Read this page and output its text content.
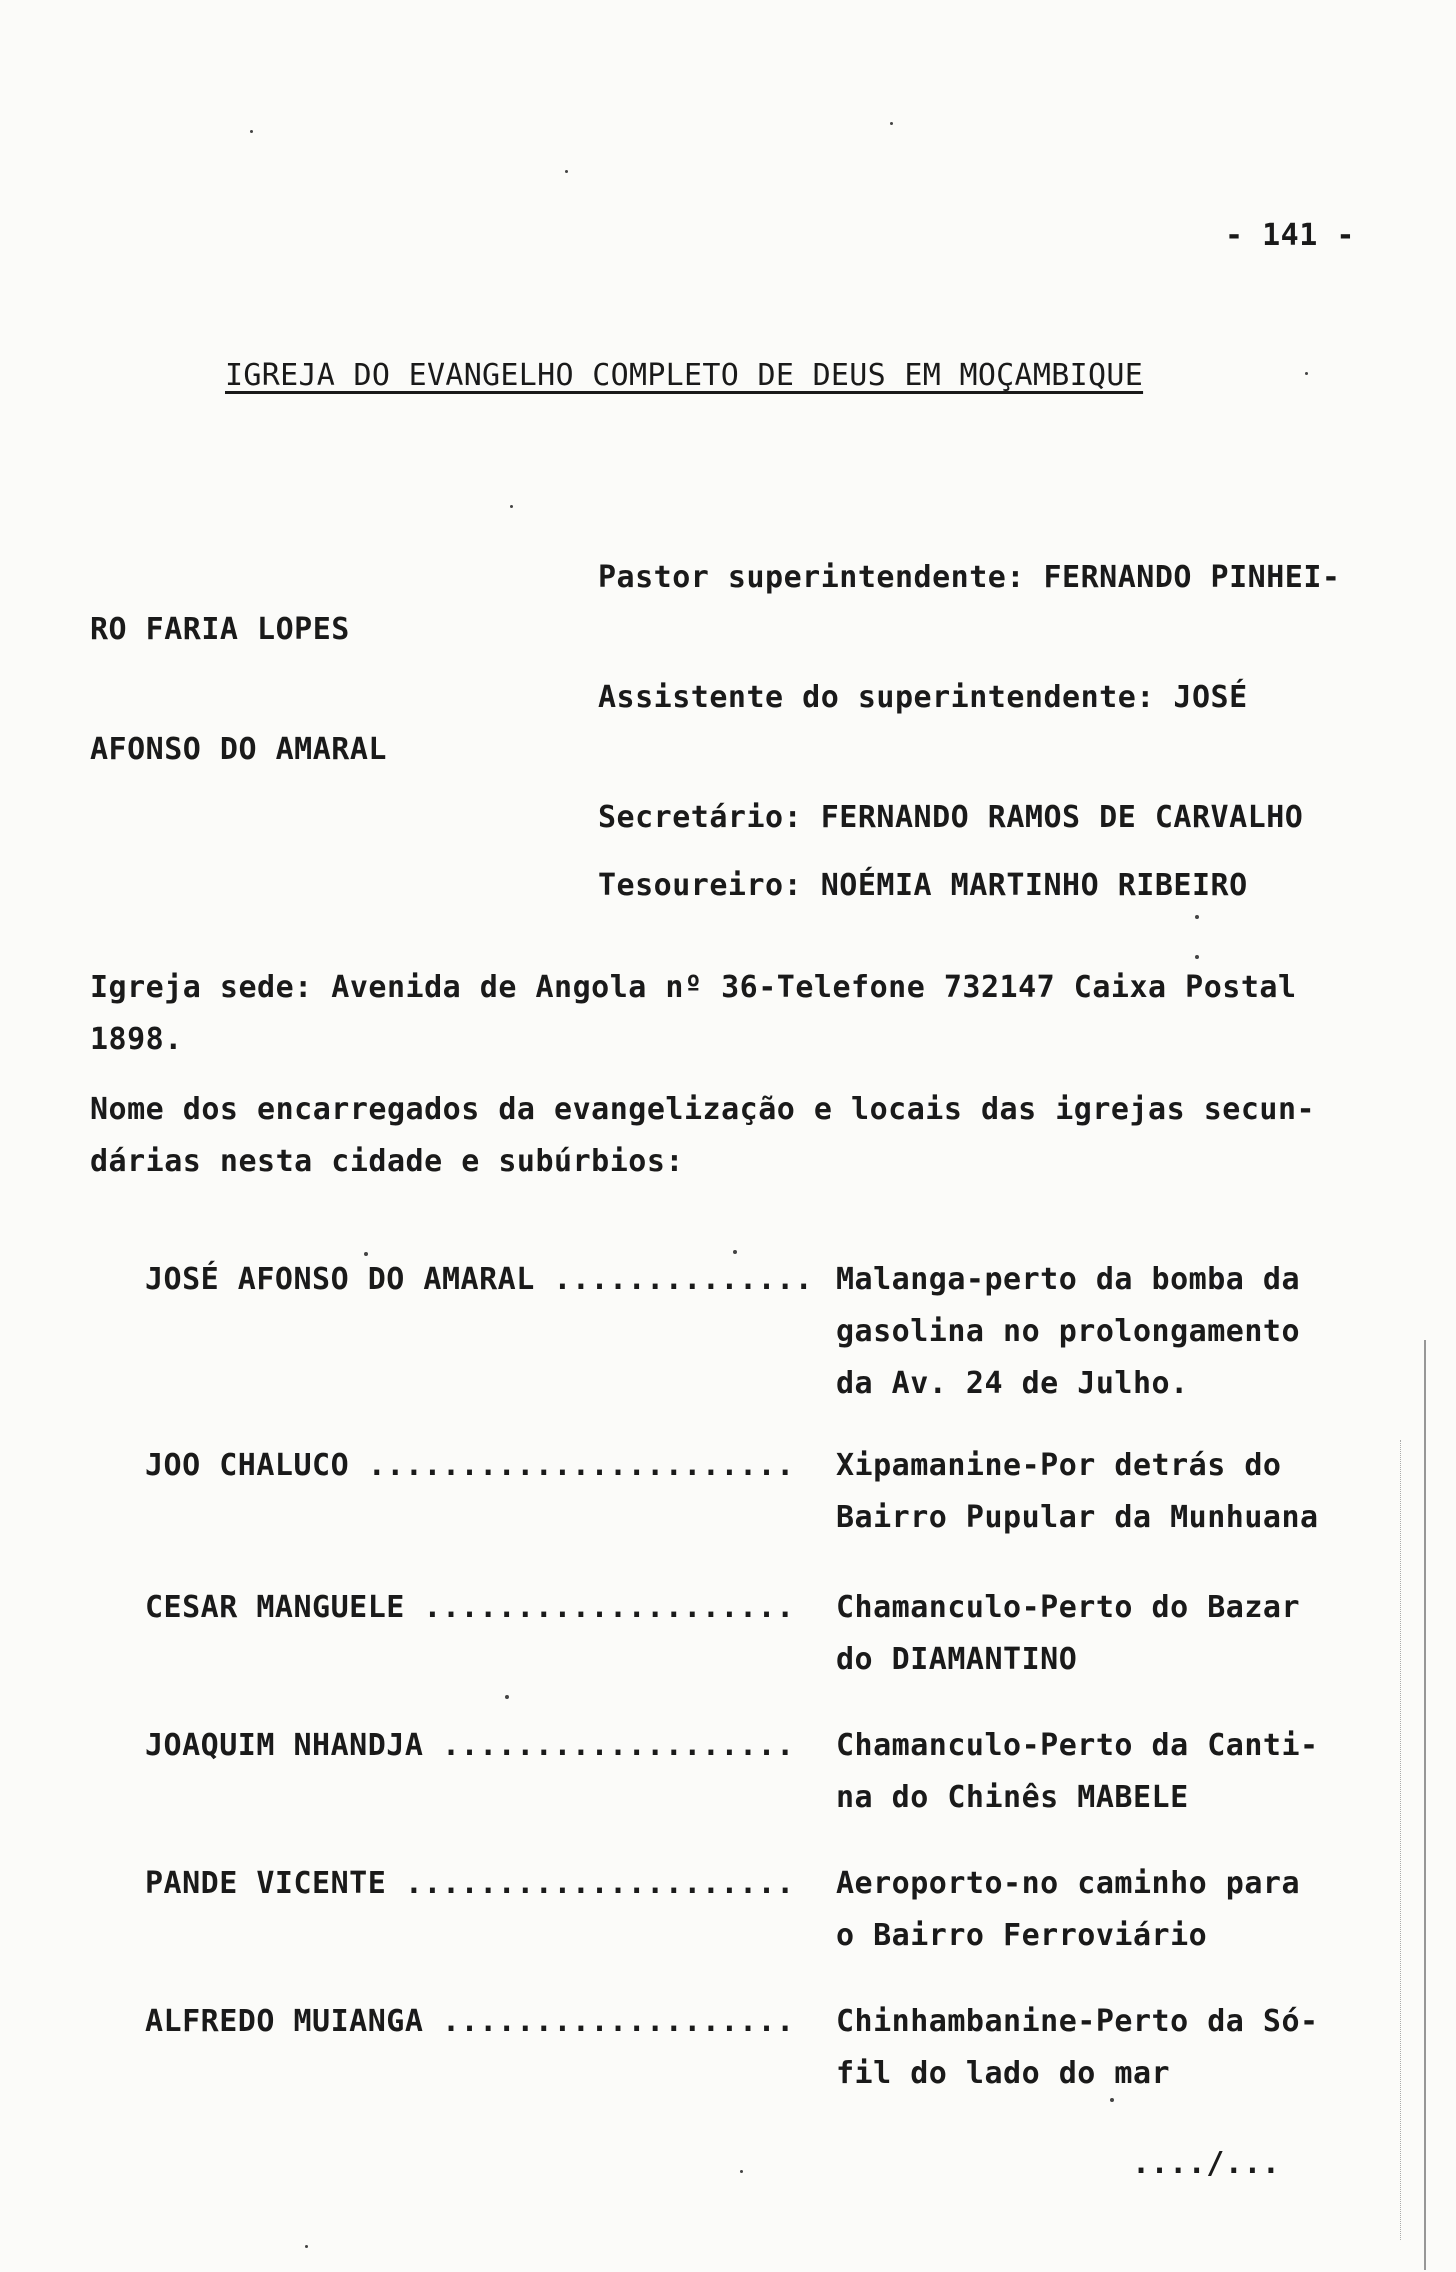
- 141 -
IGREJA DO EVANGELHO COMPLETO DE DEUS EM MOÇAMBIQUE
Pastor superintendente: FERNANDO PINHEI-
RO FARIA LOPES
Assistente do superintendente: JOSÉ
AFONSO DO AMARAL
Secretário: FERNANDO RAMOS DE CARVALHO
Tesoureiro: NOÉMIA MARTINHO RIBEIRO
Igreja sede: Avenida de Angola nº 36-Telefone 732147 Caixa Postal
1898.
Nome dos encarregados da evangelização e locais das igrejas secun-
dárias nesta cidade e subúrbios:
JOSÉ AFONSO DO AMARAL .............. Malanga-perto da bomba da
gasolina no prolongamento
da Av. 24 de Julho.
JOO CHALUCO ....................... Xipamanine-Por detrás do
Bairro Pupular da Munhuana
CESAR MANGUELE .................... Chamanculo-Perto do Bazar
do DIAMANTINO
JOAQUIM NHANDJA ................... Chamanculo-Perto da Canti-
na do Chinês MABELE
PANDE VICENTE ..................... Aeroporto-no caminho para
o Bairro Ferroviário
ALFREDO MUIANGA ................... Chinhambanine-Perto da Só-
fil do lado do mar
..../...
